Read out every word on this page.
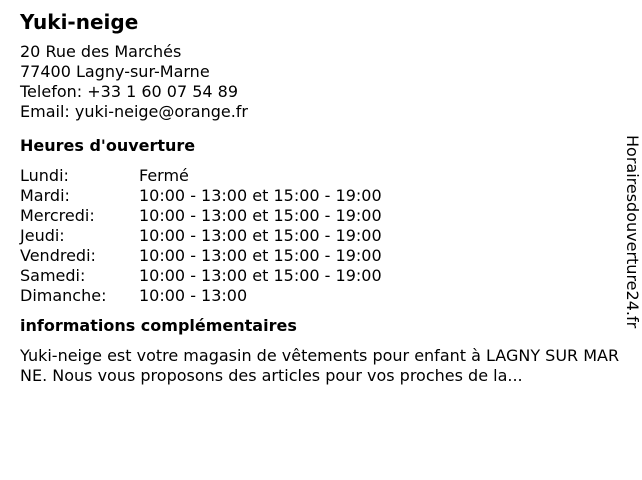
Yuki-neige
20 Rue des Marchés
77400 Lagny-sur-Marne
Telefon: +33 1 60 07 54 89
Email: yuki-neige@orange.fr
Heures d'ouverture
Lundi:	Fermé
Mardi:	10:00 - 13:00 et 15:00 - 19:00
Mercredi:	10:00 - 13:00 et 15:00 - 19:00
Jeudi:	10:00 - 13:00 et 15:00 - 19:00
Vendredi:	10:00 - 13:00 et 15:00 - 19:00
Samedi:	10:00 - 13:00 et 15:00 - 19:00
Dimanche:	10:00 - 13:00
informations complémentaires
Yuki-neige est votre magasin de vêtements pour enfant à LAGNY SUR MARNE. Nous vous proposons des articles pour vos proches de la...
Horairesdouverture24.fr
